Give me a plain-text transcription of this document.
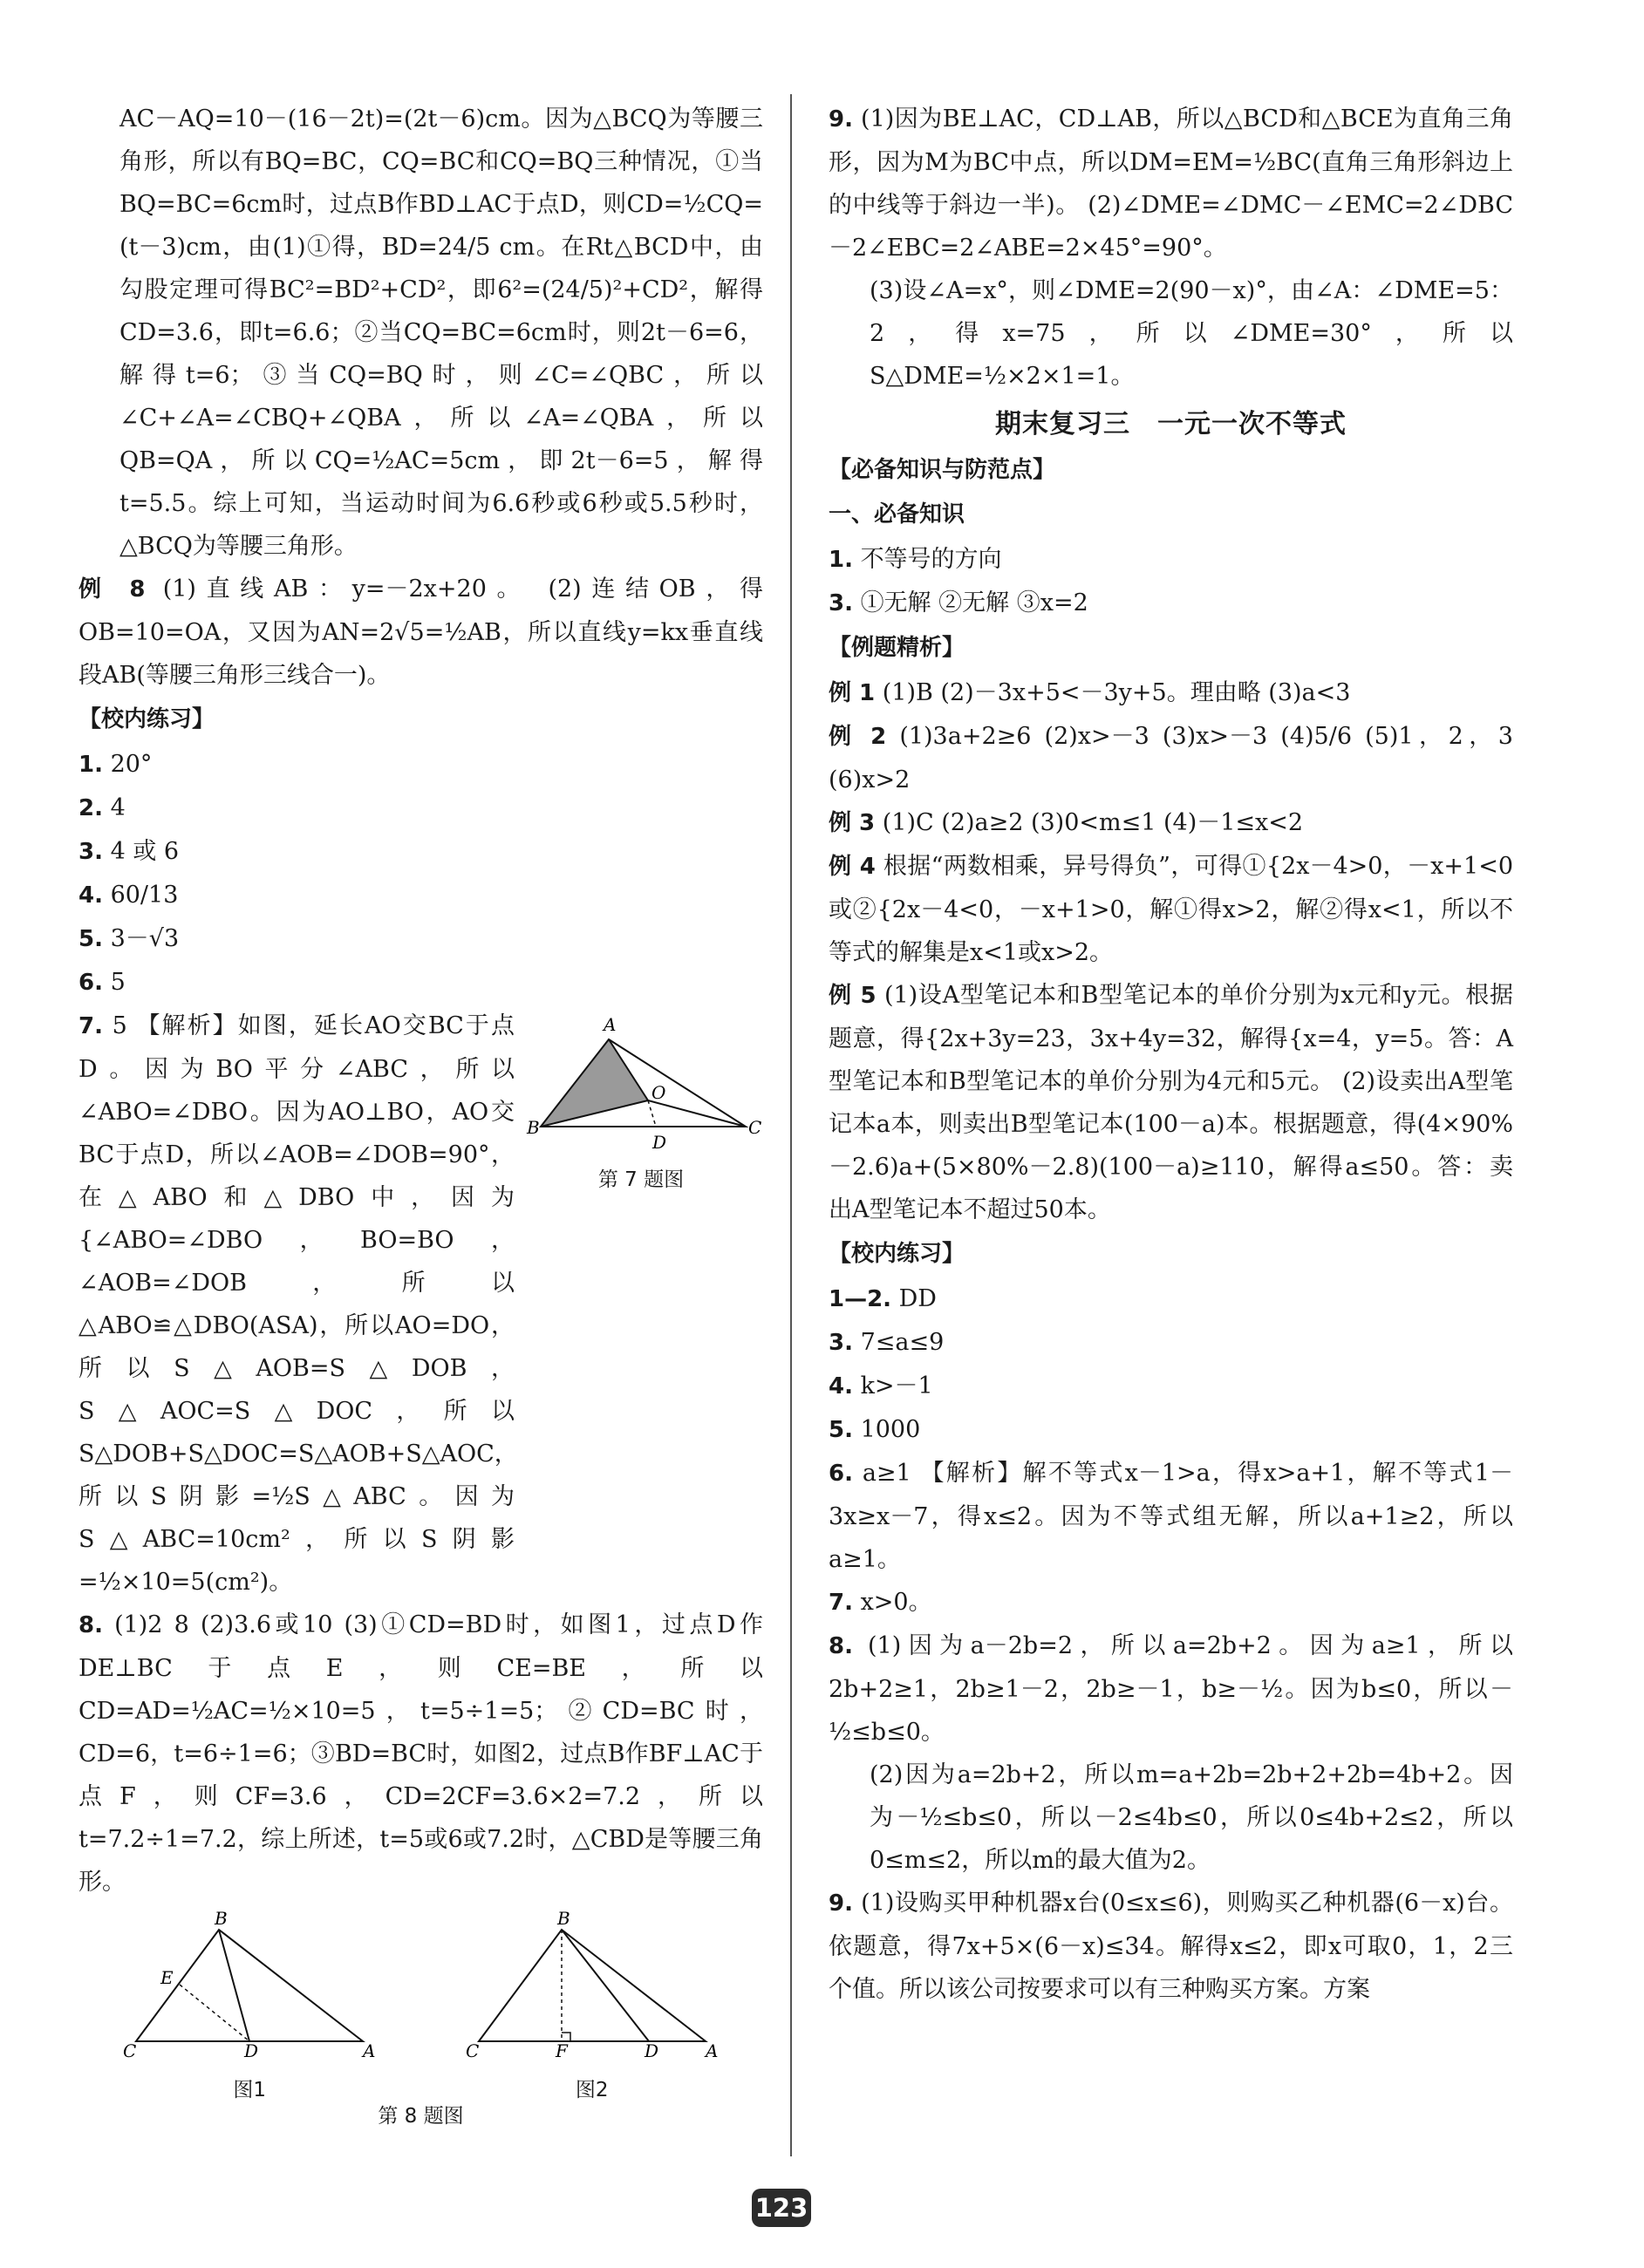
AC－AQ=10－(16－2t)=(2t－6)cm。因为△BCQ为等腰三角形，所以有BQ=BC，CQ=BC和CQ=BQ三种情况，①当BQ=BC=6cm时，过点B作BD⊥AC于点D，则CD=½CQ=(t－3)cm，由(1)①得，BD=24/5 cm。在Rt△BCD中，由勾股定理可得BC²=BD²+CD²，即6²=(24/5)²+CD²，解得CD=3.6，即t=6.6；②当CQ=BC=6cm时，则2t－6=6，解得t=6；③当CQ=BQ时，则∠C=∠QBC，所以∠C+∠A=∠CBQ+∠QBA，所以∠A=∠QBA，所以QB=QA，所以CQ=½AC=5cm，即2t－6=5，解得t=5.5。综上可知，当运动时间为6.6秒或6秒或5.5秒时，△BCQ为等腰三角形。

例 8 (1)直线AB：y=－2x+20。 (2)连结OB，得OB=10=OA，又因为AN=2√5=½AB，所以直线y=kx垂直线段AB(等腰三角形三线合一)。

【校内练习】

1. 20°

2. 4

3. 4 或 6

4. 60/13

5. 3－√3

6. 5

7. 5 【解析】如图，延长AO交BC于点D。因为BO平分∠ABC，所以∠ABO=∠DBO。因为AO⊥BO，AO交BC于点D，所以∠AOB=∠DOB=90°，在△ABO和△DBO中，因为{∠ABO=∠DBO，BO=BO，∠AOB=∠DOB，所以△ABO≌△DBO(ASA)，所以AO=DO，所以S△AOB=S△DOB，S△AOC=S△DOC，所以S△DOB+S△DOC=S△AOB+S△AOC，所以S阴影=½S△ABC。因为S△ABC=10cm²，所以S阴影=½×10=5(cm²)。

A
B	C
D
O
第 7 题图

8. (1)2 8 (2)3.6或10 (3)①CD=BD时，如图1，过点D作DE⊥BC于点E，则CE=BE，所以CD=AD=½AC=½×10=5，t=5÷1=5；②CD=BC时，CD=6，t=6÷1=6；③BD=BC时，如图2，过点B作BF⊥AC于点F，则CF=3.6，CD=2CF=3.6×2=7.2，所以t=7.2÷1=7.2，综上所述，t=5或6或7.2时，△CBD是等腰三角形。

B
E
C	D	A
图1
B
C	F	D	A
图2
第 8 题图

9. (1)因为BE⊥AC，CD⊥AB，所以△BCD和△BCE为直角三角形，因为M为BC中点，所以DM=EM=½BC(直角三角形斜边上的中线等于斜边一半)。 (2)∠DME=∠DMC－∠EMC=2∠DBC－2∠EBC=2∠ABE=2×45°=90°。

(3)设∠A=x°，则∠DME=2(90－x)°，由∠A：∠DME=5：2，得x=75，所以∠DME=30°，所以S△DME=½×2×1=1。

期末复习三　一元一次不等式
【必备知识与防范点】
一、必备知识

1. 不等号的方向

3. ①无解 ②无解 ③x=2

【例题精析】

例 1 (1)B (2)－3x+5<－3y+5。理由略 (3)a<3

例 2 (1)3a+2≥6 (2)x>－3 (3)x>－3 (4)5/6 (5)1，2，3 (6)x>2

例 3 (1)C (2)a≥2 (3)0<m≤1 (4)－1≤x<2

例 4 根据“两数相乘，异号得负”，可得①{2x－4>0，－x+1<0 或②{2x－4<0，－x+1>0，解①得x>2，解②得x<1，所以不等式的解集是x<1或x>2。

例 5 (1)设A型笔记本和B型笔记本的单价分别为x元和y元。根据题意，得{2x+3y=23，3x+4y=32，解得{x=4，y=5。答：A型笔记本和B型笔记本的单价分别为4元和5元。 (2)设卖出A型笔记本a本，则卖出B型笔记本(100－a)本。根据题意，得(4×90%－2.6)a+(5×80%－2.8)(100－a)≥110，解得a≤50。答：卖出A型笔记本不超过50本。

【校内练习】

1—2. DD

3. 7≤a≤9

4. k>－1

5. 1000

6. a≥1 【解析】解不等式x－1>a，得x>a+1，解不等式1－3x≥x－7，得x≤2。因为不等式组无解，所以a+1≥2，所以a≥1。

7. x>0。

8. (1)因为a－2b=2，所以a=2b+2。因为a≥1，所以2b+2≥1，2b≥1－2，2b≥－1，b≥－½。因为b≤0，所以－½≤b≤0。

(2)因为a=2b+2，所以m=a+2b=2b+2+2b=4b+2。因为－½≤b≤0，所以－2≤4b≤0，所以0≤4b+2≤2，所以0≤m≤2，所以m的最大值为2。

9. (1)设购买甲种机器x台(0≤x≤6)，则购买乙种机器(6－x)台。依题意，得7x+5×(6－x)≤34。解得x≤2，即x可取0，1，2三个值。所以该公司按要求可以有三种购买方案。方案

123
